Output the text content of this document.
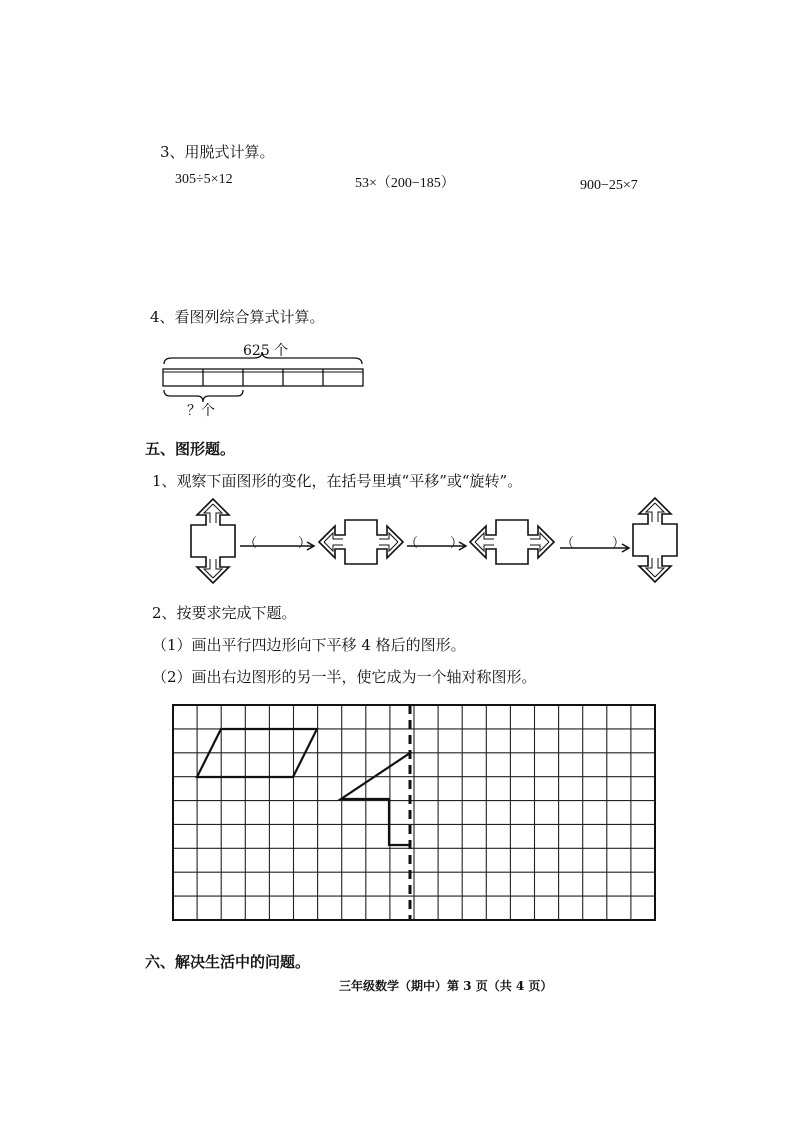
3、用脱式计算。
305÷5×12	53×（200−185）	900−25×7
4、看图列综合算式计算。
625 个
？个
五、图形题。
1、观察下面图形的变化，在括号里填“平移”或“旋转”。
（	）	（ ）	（	）
2、按要求完成下题。
（1）画出平行四边形向下平移 4 格后的图形。
（2）画出右边图形的另一半，使它成为一个轴对称图形。
六、解决生活中的问题。
三年级数学（期中）第 3 页（共 4 页）
